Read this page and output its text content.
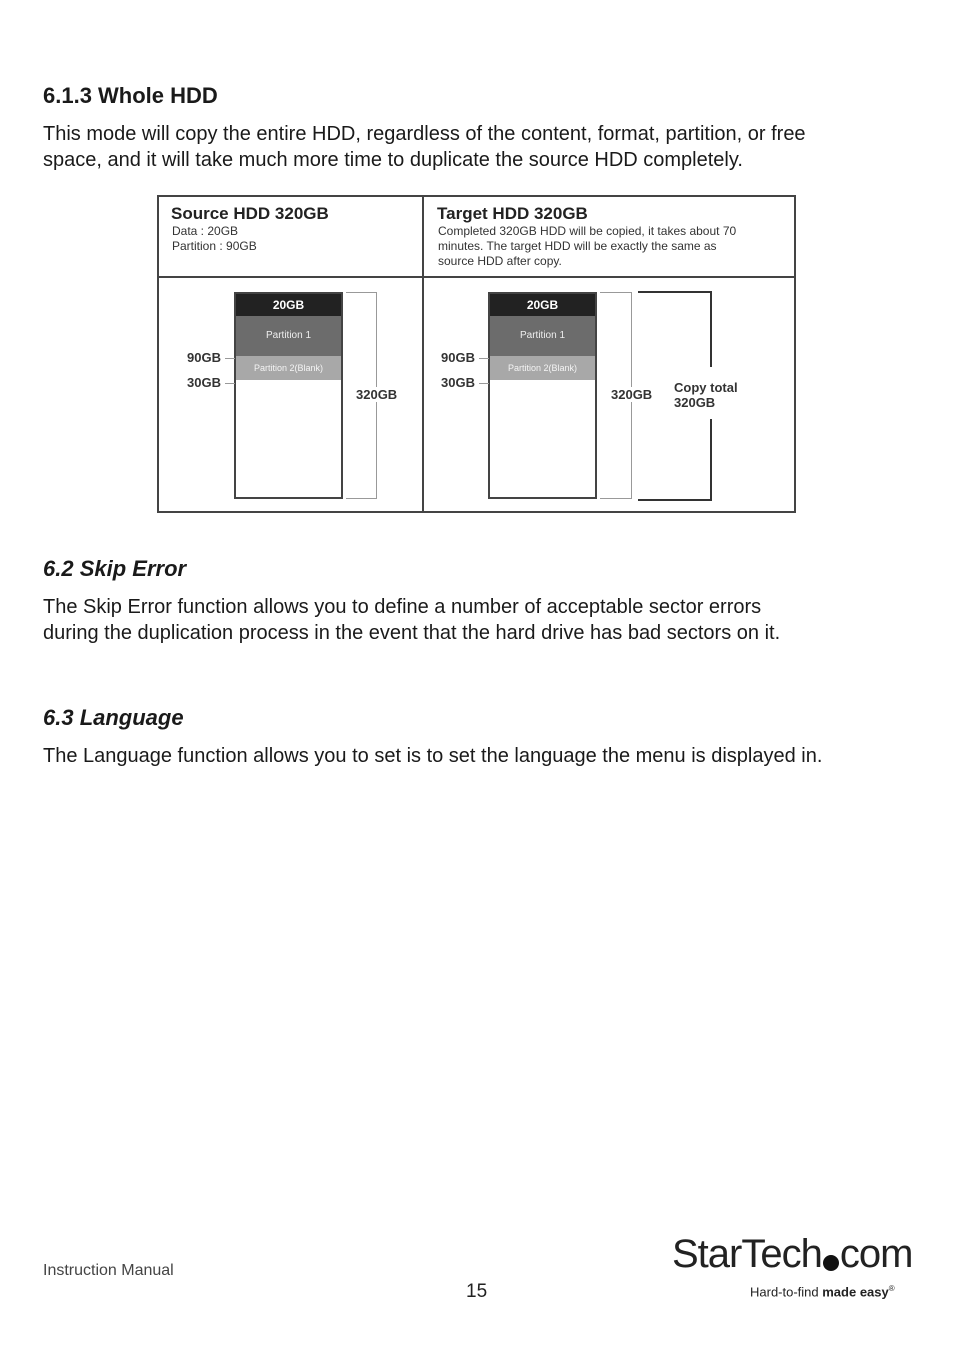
6.1.3 Whole HDD

This mode will copy the entire HDD, regardless of the content, format, partition, or free
space, and it will take much more time to duplicate the source HDD completely.

Source HDD 320GB
Data : 20GB
Partition : 90GB
Target HDD 320GB
Completed 320GB HDD will be copied, it takes about 70
minutes. The target HDD will be exactly the same as
source HDD after copy.
20GB
Partition 1
Partition 2(Blank)
90GB
30GB
320GB
20GB
Partition 1
Partition 2(Blank)
90GB
30GB
320GB Copy total
320GB
6.2 Skip Error

The Skip Error function allows you to define a number of acceptable sector errors
during the duplication process in the event that the hard drive has bad sectors on it.

6.3 Language

The Language function allows you to set is to set the language the menu is displayed in.

Instruction Manual
15
StarTech com
Hard-to-find made easy®
